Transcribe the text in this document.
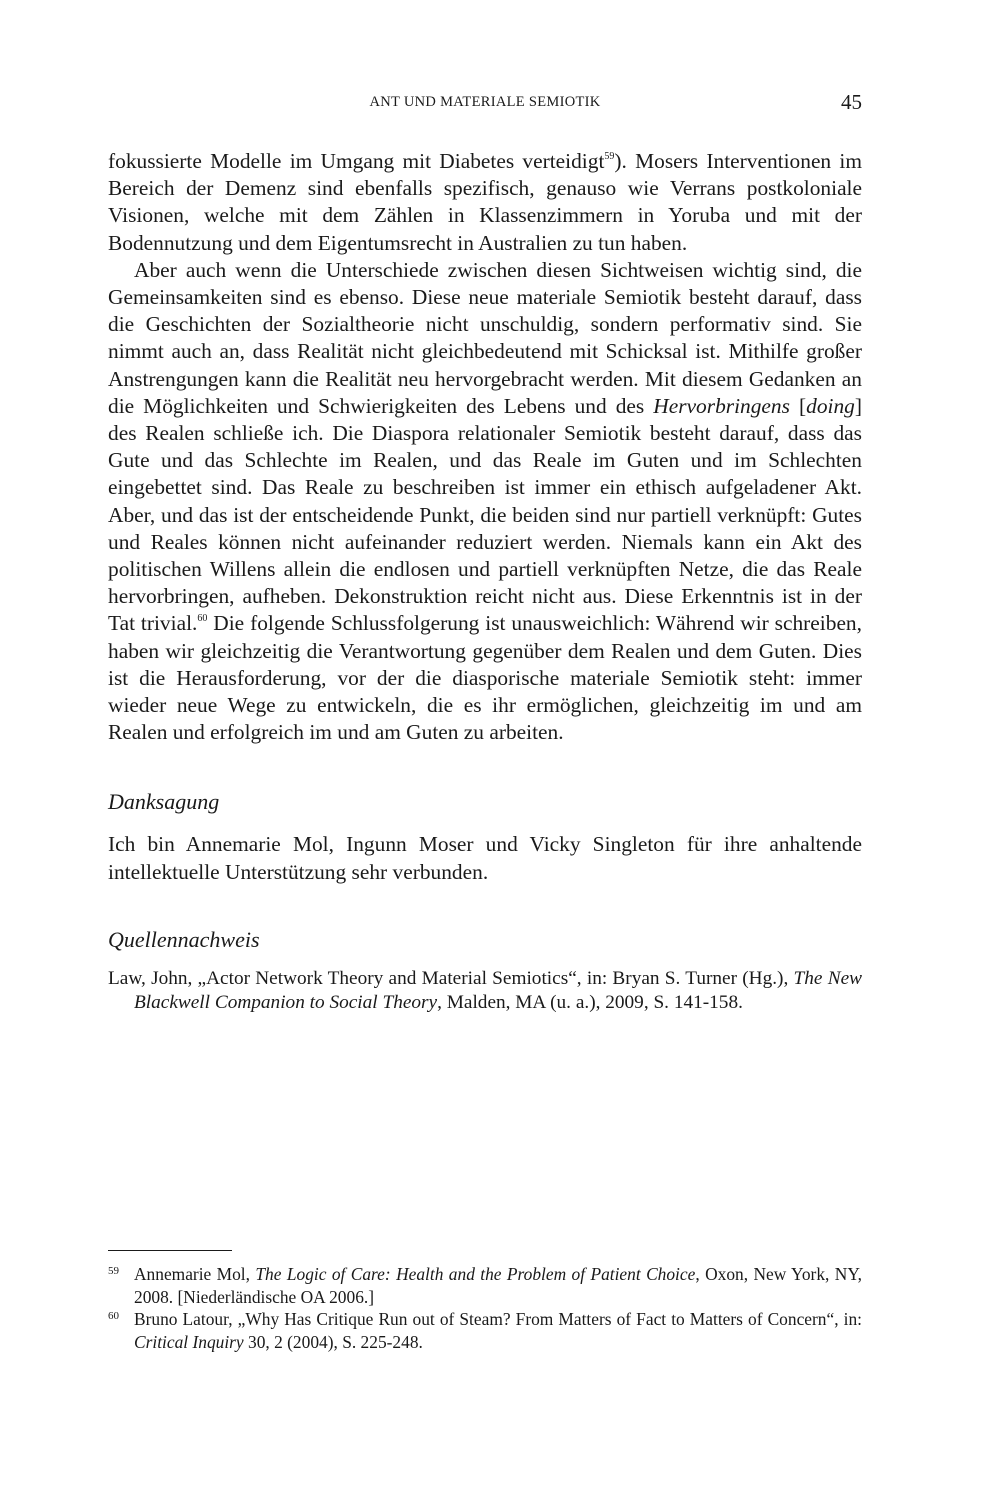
ANT UND MATERIALE SEMIOTIK	45

fokussierte Modelle im Umgang mit Diabetes verteidigt$^{59}$). Mosers Interventionen im Bereich der Demenz sind ebenfalls spezifisch, genauso wie Verrans postkoloniale Visionen, welche mit dem Zählen in Klassenzimmern in Yoruba und mit der Bodennutzung und dem Eigentumsrecht in Australien zu tun haben.

Aber auch wenn die Unterschiede zwischen diesen Sichtweisen wichtig sind, die Gemeinsamkeiten sind es ebenso. Diese neue materiale Semiotik besteht darauf, dass die Geschichten der Sozialtheorie nicht unschuldig, sondern performativ sind. Sie nimmt auch an, dass Realität nicht gleichbedeutend mit Schicksal ist. Mithilfe großer Anstrengungen kann die Realität neu hervorgebracht werden. Mit diesem Gedanken an die Möglichkeiten und Schwierigkeiten des Lebens und des Hervorbringens [doing] des Realen schließe ich. Die Diaspora relationaler Semiotik besteht darauf, dass das Gute und das Schlechte im Realen, und das Reale im Guten und im Schlechten eingebettet sind. Das Reale zu beschreiben ist immer ein ethisch aufgeladener Akt. Aber, und das ist der entscheidende Punkt, die beiden sind nur partiell verknüpft: Gutes und Reales können nicht aufeinander reduziert werden. Niemals kann ein Akt des politischen Willens allein die endlosen und partiell verknüpften Netze, die das Reale hervorbringen, aufheben. Dekonstruktion reicht nicht aus. Diese Erkenntnis ist in der Tat trivial.$^{60}$ Die folgende Schlussfolgerung ist unausweichlich: Während wir schreiben, haben wir gleichzeitig die Verantwortung gegenüber dem Realen und dem Guten. Dies ist die Herausforderung, vor der die diasporische materiale Semiotik steht: immer wieder neue Wege zu entwickeln, die es ihr ermöglichen, gleichzeitig im und am Realen und erfolgreich im und am Guten zu arbeiten.

Danksagung

Ich bin Annemarie Mol, Ingunn Moser und Vicky Singleton für ihre anhaltende intellektuelle Unterstützung sehr verbunden.

Quellennachweis

Law, John, „Actor Network Theory and Material Semiotics“, in: Bryan S. Turner (Hg.), The New Blackwell Companion to Social Theory, Malden, MA (u. a.), 2009, S. 141-158.

59 Annemarie Mol, The Logic of Care: Health and the Problem of Patient Choice, Oxon, New York, NY, 2008. [Niederländische OA 2006.]
60 Bruno Latour, „Why Has Critique Run out of Steam? From Matters of Fact to Matters of Concern“, in: Critical Inquiry 30, 2 (2004), S. 225-248.
